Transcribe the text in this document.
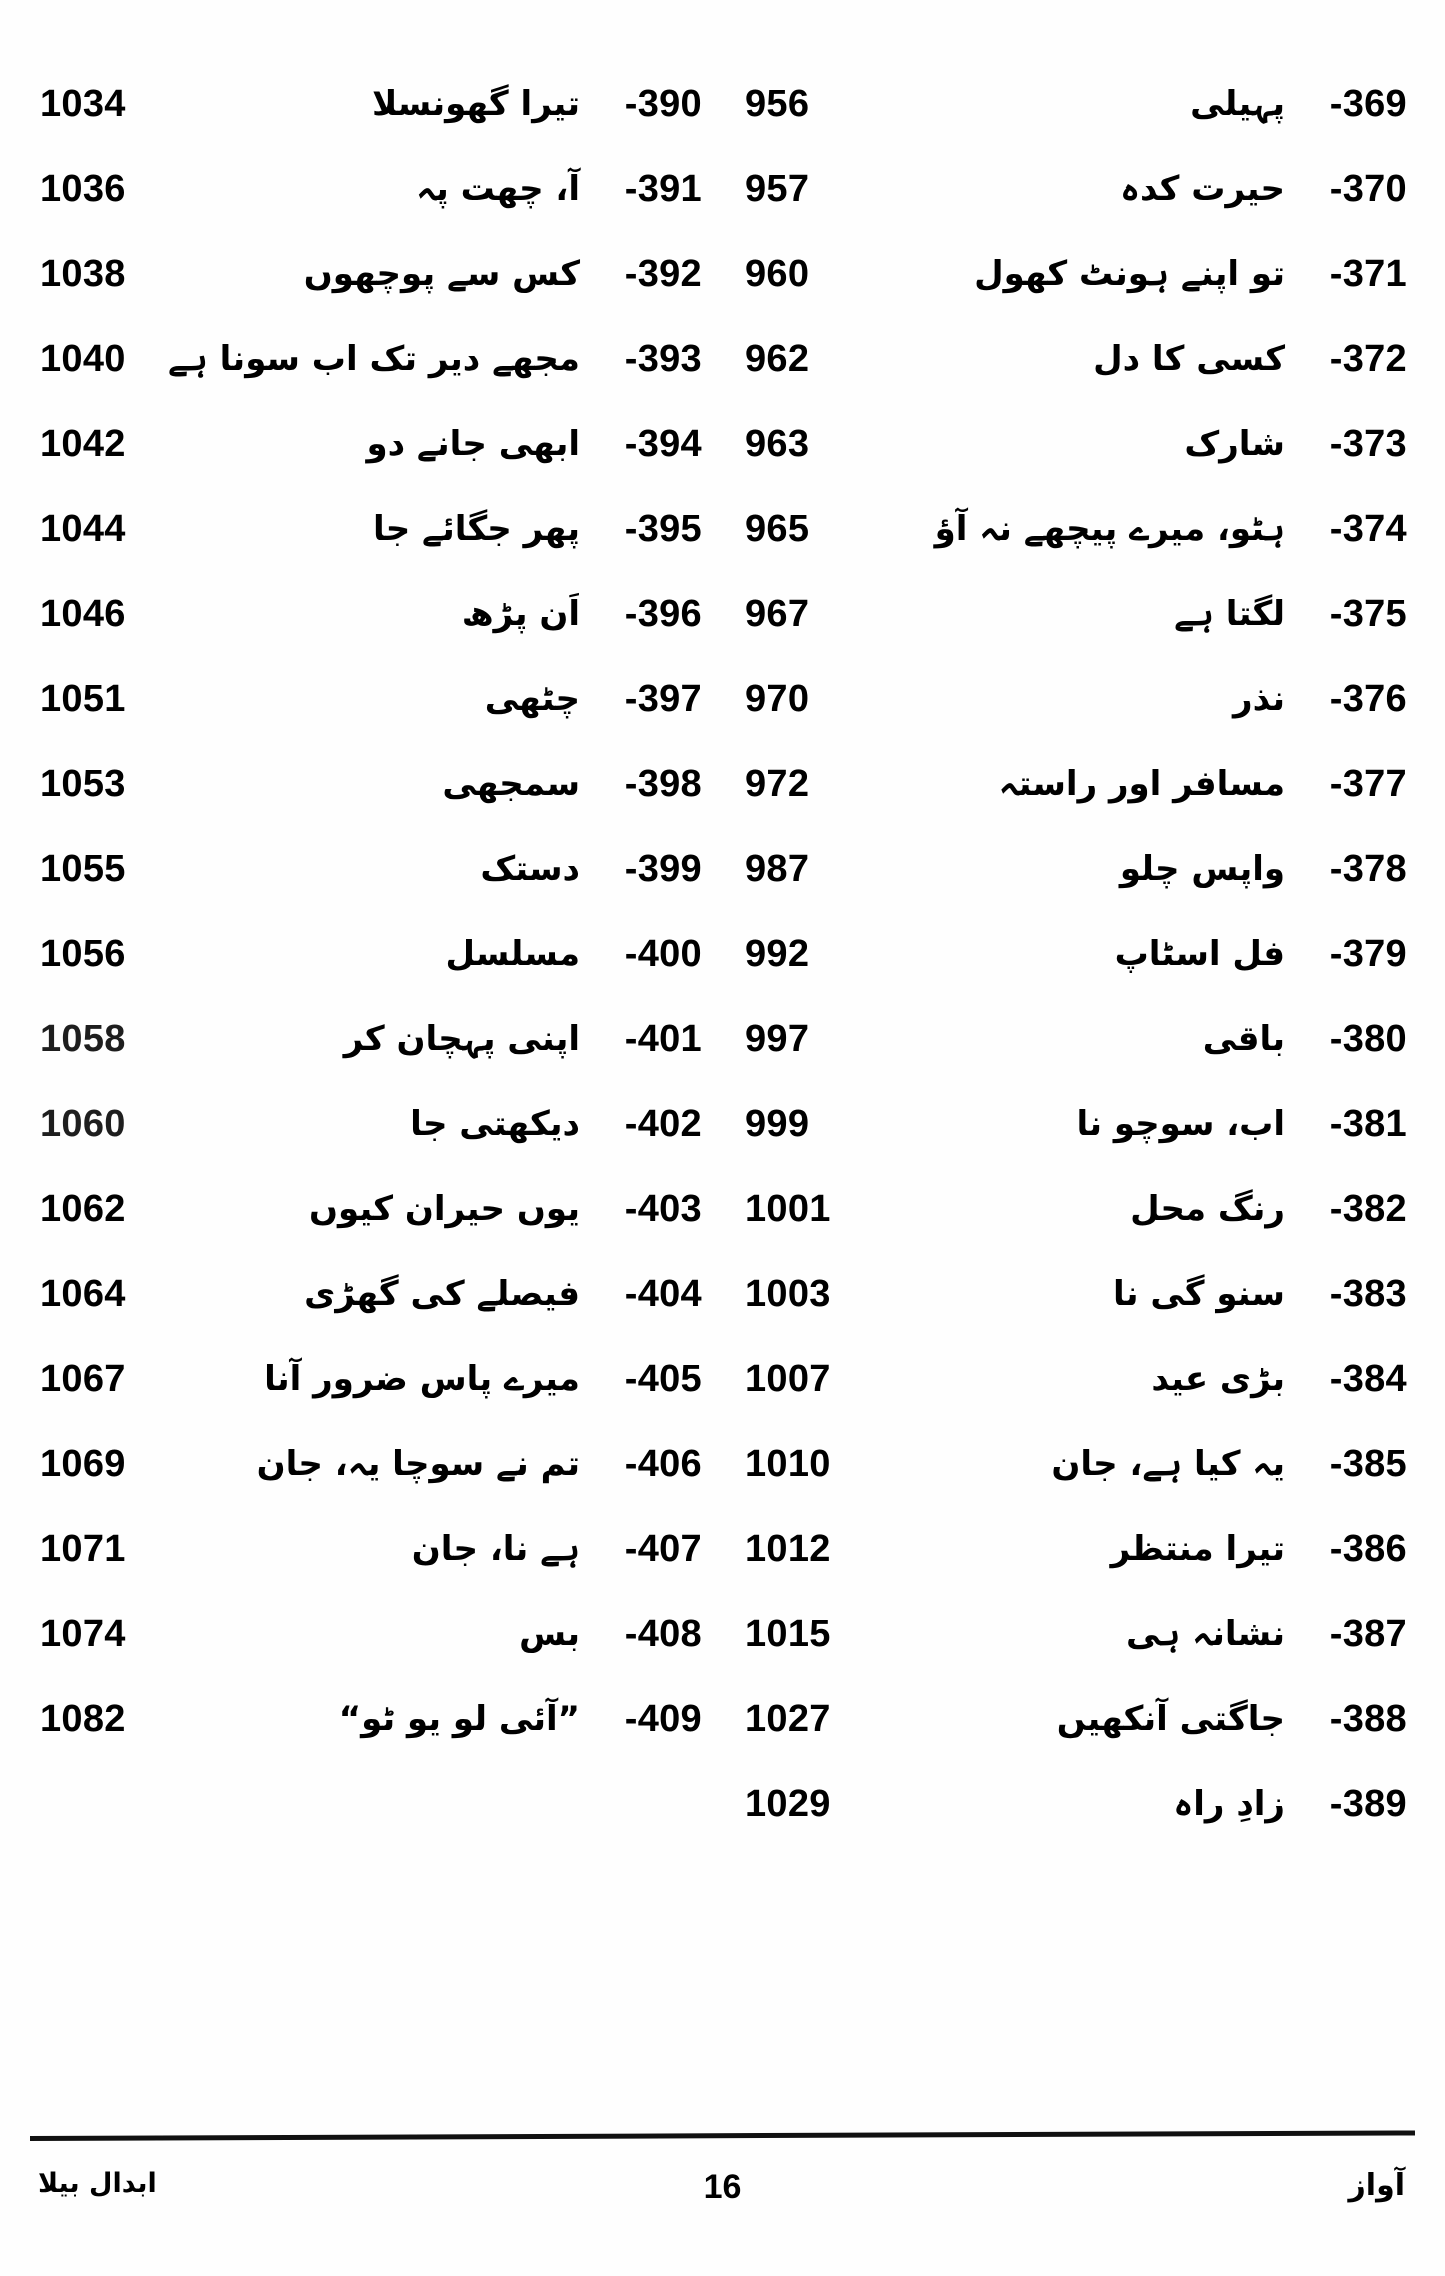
956	پہیلی	-369
957	حیرت کدہ	-370
960	تو اپنے ہونٹ کھول	-371
962	کسی کا دل	-372
963	شارک	-373
965	ہٹو، میرے پیچھے نہ آؤ	-374
967	لگتا ہے	-375
970	نذر	-376
972	مسافر اور راستہ	-377
987	واپس چلو	-378
992	فل اسٹاپ	-379
997	باقی	-380
999	اب، سوچو نا	-381
1001	رنگ محل	-382
1003	سنو گی نا	-383
1007	بڑی عید	-384
1010	یہ کیا ہے، جان	-385
1012	تیرا منتظر	-386
1015	نشانہ ہی	-387
1027	جاگتی آنکھیں	-388
1029	زادِ راہ	-389
1034	تیرا گھونسلا	-390
1036	آ، چھت پہ	-391
1038	کس سے پوچھوں	-392
1040	مجھے دیر تک اب سونا ہے	-393
1042	ابھی جانے دو	-394
1044	پھر جگائے جا	-395
1046	اَن پڑھ	-396
1051	چٹھی	-397
1053	سمجھی	-398
1055	دستک	-399
1056	مسلسل	-400
1058	اپنی پہچان کر	-401
1060	دیکھتی جا	-402
1062	یوں حیران کیوں	-403
1064	فیصلے کی گھڑی	-404
1067	میرے پاس ضرور آنا	-405
1069	تم نے سوچا یہ، جان	-406
1071	ہے نا، جان	-407
1074	بس	-408
1082	”آئی لو یو ٹو“	-409
ابدال بیلا	16	آواز
